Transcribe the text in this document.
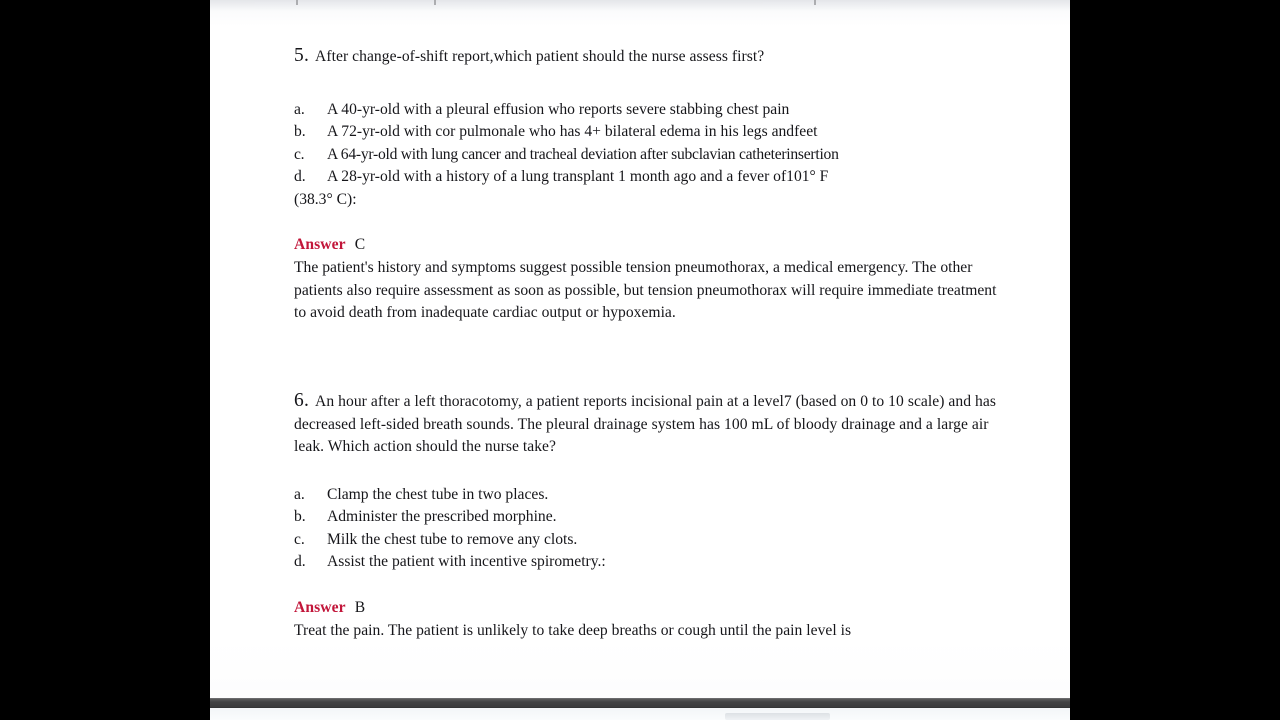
5. After change-of-shift report,which patient should the nurse assess first?
a.	A 40-yr-old with a pleural effusion who reports severe stabbing chest pain
b.	A 72-yr-old with cor pulmonale who has 4+ bilateral edema in his legs andfeet
c.	A 64-yr-old with lung cancer and tracheal deviation after subclavian catheterinsertion
d.	A 28-yr-old with a history of a lung transplant 1 month ago and a fever of101° F
(38.3° C):
Answer C
The patient's history and symptoms suggest possible tension pneumothorax, a medical emergency. The other patients also require assessment as soon as possible, but tension pneumothorax will require immediate treatment to avoid death from inadequate cardiac output or hypoxemia.
6. An hour after a left thoracotomy, a patient reports incisional pain at a level7 (based on 0 to 10 scale) and has decreased left-sided breath sounds. The pleural drainage system has 100 mL of bloody drainage and a large air leak. Which action should the nurse take?
a.	Clamp the chest tube in two places.
b.	Administer the prescribed morphine.
c.	Milk the chest tube to remove any clots.
d.	Assist the patient with incentive spirometry.:
Answer B
Treat the pain. The patient is unlikely to take deep breaths or cough until the pain level is
